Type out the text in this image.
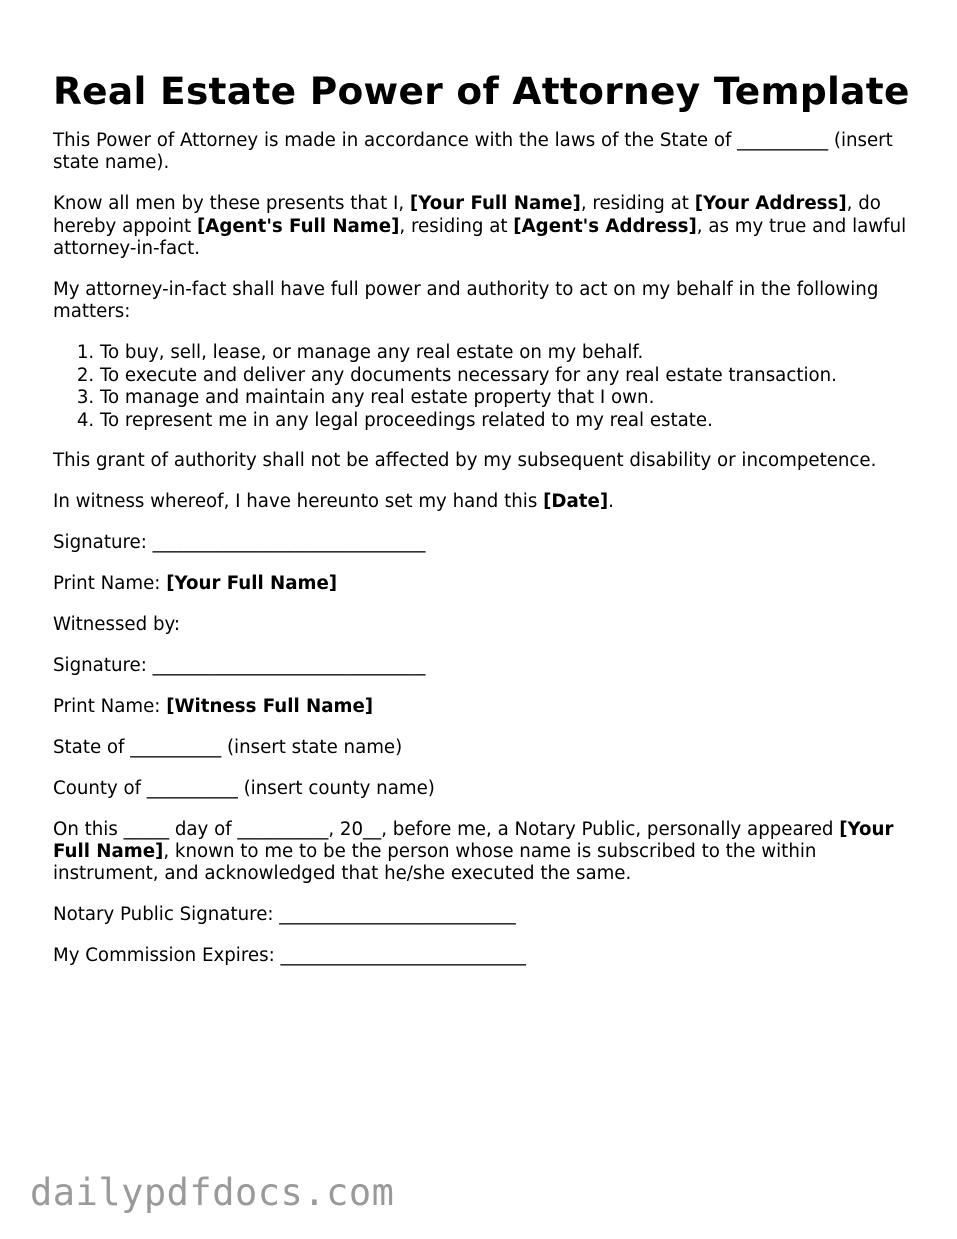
Real Estate Power of Attorney Template

This Power of Attorney is made in accordance with the laws of the State of __________ (insert state name).

Know all men by these presents that I, [Your Full Name], residing at [Your Address], do hereby appoint [Agent's Full Name], residing at [Agent's Address], as my true and lawful attorney-in-fact.

My attorney-in-fact shall have full power and authority to act on my behalf in the following matters:

1. To buy, sell, lease, or manage any real estate on my behalf.
2. To execute and deliver any documents necessary for any real estate transaction.
3. To manage and maintain any real estate property that I own.
4. To represent me in any legal proceedings related to my real estate.

This grant of authority shall not be affected by my subsequent disability or incompetence.

In witness whereof, I have hereunto set my hand this [Date].

Signature: ______________________________

Print Name: [Your Full Name]

Witnessed by:

Signature: ______________________________

Print Name: [Witness Full Name]

State of __________ (insert state name)

County of __________ (insert county name)

On this _____ day of __________, 20__, before me, a Notary Public, personally appeared [Your Full Name], known to me to be the person whose name is subscribed to the within instrument, and acknowledged that he/she executed the same.

Notary Public Signature: __________________________

My Commission Expires: ___________________________

dailypdfdocs.com
